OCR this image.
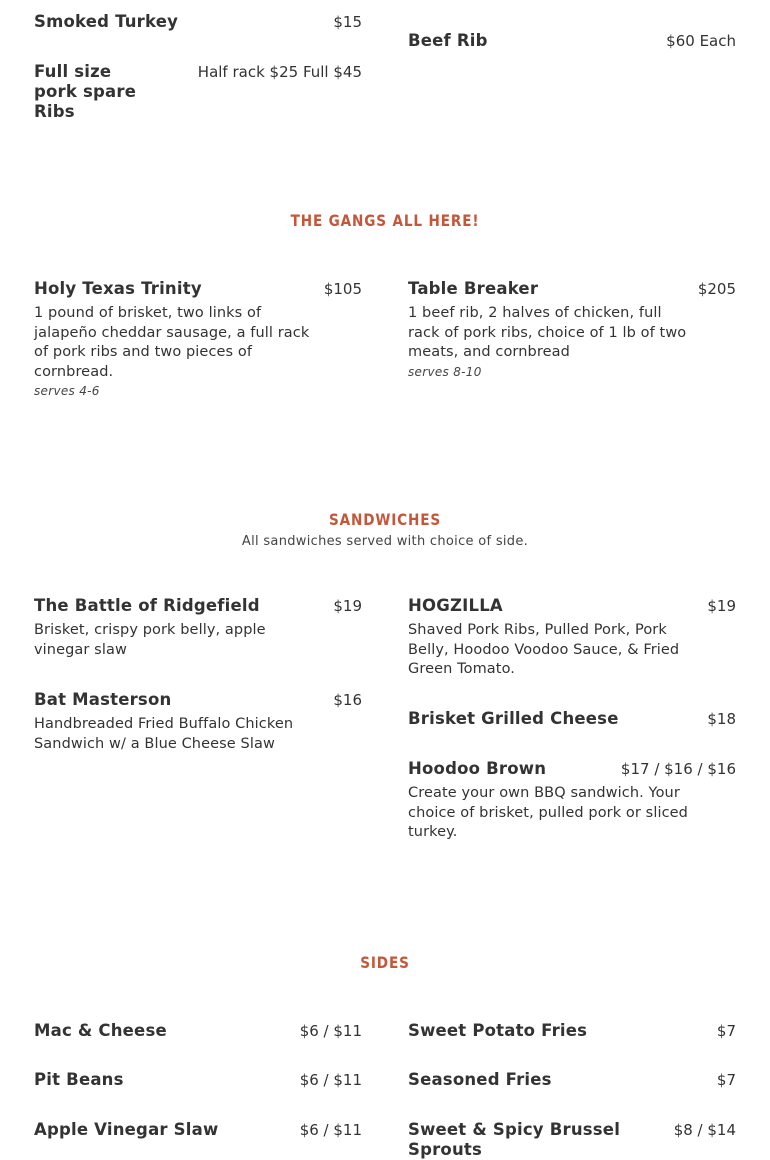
Smoked Turkey	$15
Full size pork spare Ribs
Half rack $25 Full $45
Beef Rib	$60 Each
THE GANGS ALL HERE!
Holy Texas Trinity	$105
1 pound of brisket, two links of jalapeño cheddar sausage, a full rack of pork ribs and two pieces of cornbread.
serves 4-6
Table Breaker	$205
1 beef rib, 2 halves of chicken, full rack of pork ribs, choice of 1 lb of two meats, and cornbread
serves 8-10
SANDWICHES
All sandwiches served with choice of side.
The Battle of Ridgefield	$19
Brisket, crispy pork belly, apple vinegar slaw
Bat Masterson	$16
Handbreaded Fried Buffalo Chicken Sandwich w/ a Blue Cheese Slaw
HOGZILLA	$19
Shaved Pork Ribs, Pulled Pork, Pork Belly, Hoodoo Voodoo Sauce, & Fried Green Tomato.
Brisket Grilled Cheese	$18
Hoodoo Brown	$17 / $16 / $16
Create your own BBQ sandwich. Your choice of brisket, pulled pork or sliced turkey.
SIDES
Mac & Cheese	$6 / $11
Pit Beans	$6 / $11
Apple Vinegar Slaw	$6 / $11
Sweet Potato Fries	$7
Seasoned Fries	$7
Sweet & Spicy Brussel Sprouts
$8 / $14
